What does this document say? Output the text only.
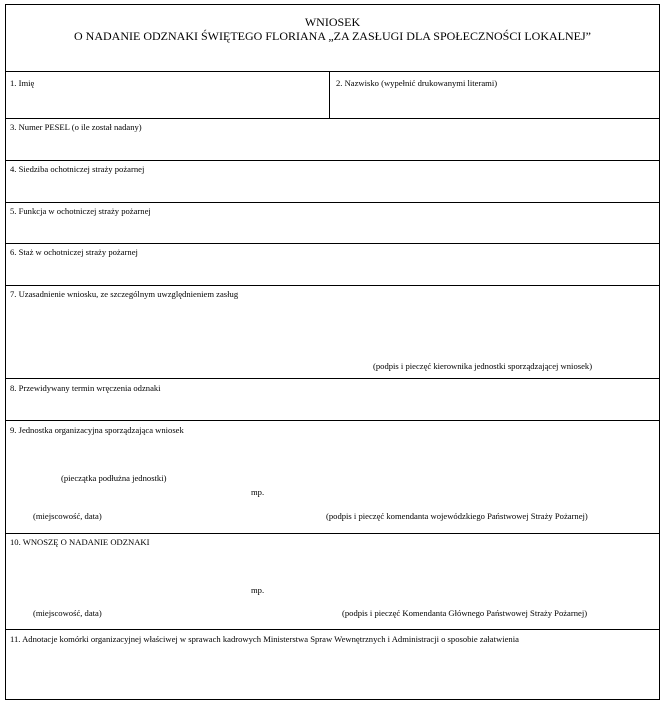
WNIOSEK
O NADANIE ODZNAKI ŚWIĘTEGO FLORIANA „ZA ZASŁUGI DLA SPOŁECZNOŚCI LOKALNEJ”
1. Imię	2. Nazwisko (wypełnić drukowanymi literami)
3. Numer PESEL (o ile został nadany)
4. Siedziba ochotniczej straży pożarnej
5. Funkcja w ochotniczej straży pożarnej
6. Staż w ochotniczej straży pożarnej
7. Uzasadnienie wniosku, ze szczególnym uwzględnieniem zasług
(podpis i pieczęć kierownika jednostki sporządzającej wniosek)
8. Przewidywany termin wręczenia odznaki
9. Jednostka organizacyjna sporządzająca wniosek
(pieczątka podłużna jednostki)
mp.
(miejscowość, data)	(podpis i pieczęć komendanta wojewódzkiego Państwowej Straży Pożarnej)
10. WNOSZĘ O NADANIE ODZNAKI
mp.
(miejscowość, data)	(podpis i pieczęć Komendanta Głównego Państwowej Straży Pożarnej)
11. Adnotacje komórki organizacyjnej właściwej w sprawach kadrowych Ministerstwa Spraw Wewnętrznych i Administracji o sposobie załatwienia
